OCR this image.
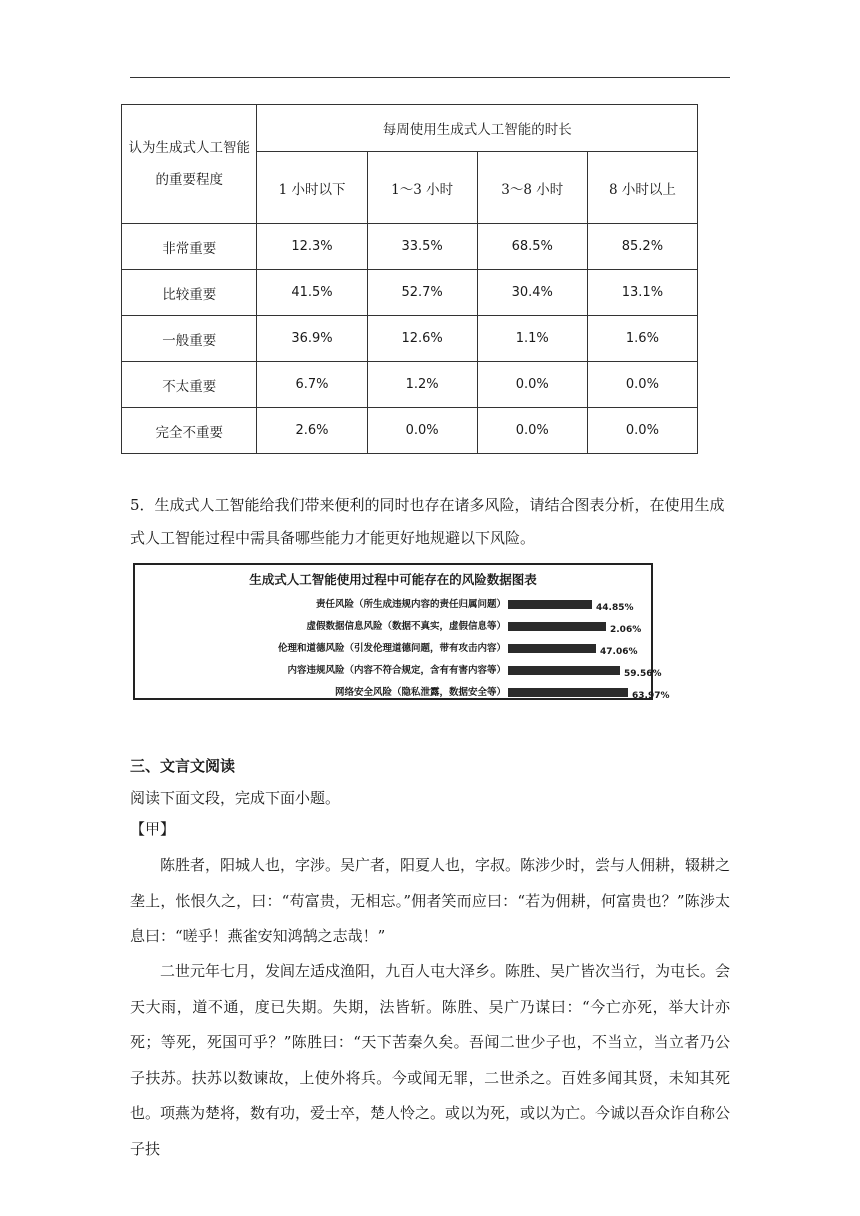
认为生成式人工智能的重要程度	每周使用生成式人工智能的时长			
	1 小时以下	1～3 小时	3～8 小时	8 小时以上
非常重要	12.3%	33.5%	68.5%	85.2%
比较重要	41.5%	52.7%	30.4%	13.1%
一般重要	36.9%	12.6%	1.1%	1.6%
不太重要	6.7%	1.2%	0.0%	0.0%
完全不重要	2.6%	0.0%	0.0%	0.0%
5．生成式人工智能给我们带来便利的同时也存在诸多风险，请结合图表分析，在使用生成式人工智能过程中需具备哪些能力才能更好地规避以下风险。
生成式人工智能使用过程中可能存在的风险数据图表
责任风险（所生成违规内容的责任归属问题）	44.85%
虚假数据信息风险（数据不真实，虚假信息等）	2.06%
伦理和道德风险（引发伦理道德问题，带有攻击内容）	47.06%
内容违规风险（内容不符合规定，含有有害内容等）	59.56%
网络安全风险（隐私泄露，数据安全等）	63.97%
三、文言文阅读
阅读下面文段，完成下面小题。
【甲】
陈胜者，阳城人也，字涉。吴广者，阳夏人也，字叔。陈涉少时，尝与人佣耕，辍耕之垄上，怅恨久之，曰：“苟富贵，无相忘。”佣者笑而应曰：“若为佣耕，何富贵也？”陈涉太息曰：“嗟乎！燕雀安知鸿鹄之志哉！”
二世元年七月，发闾左适戍渔阳，九百人屯大泽乡。陈胜、吴广皆次当行，为屯长。会天大雨，道不通，度已失期。失期，法皆斩。陈胜、吴广乃谋曰：“今亡亦死，举大计亦死；等死，死国可乎？”陈胜曰：“天下苦秦久矣。吾闻二世少子也，不当立，当立者乃公子扶苏。扶苏以数谏故，上使外将兵。今或闻无罪，二世杀之。百姓多闻其贤，未知其死也。项燕为楚将，数有功，爱士卒，楚人怜之。或以为死，或以为亡。今诚以吾众诈自称公子扶
